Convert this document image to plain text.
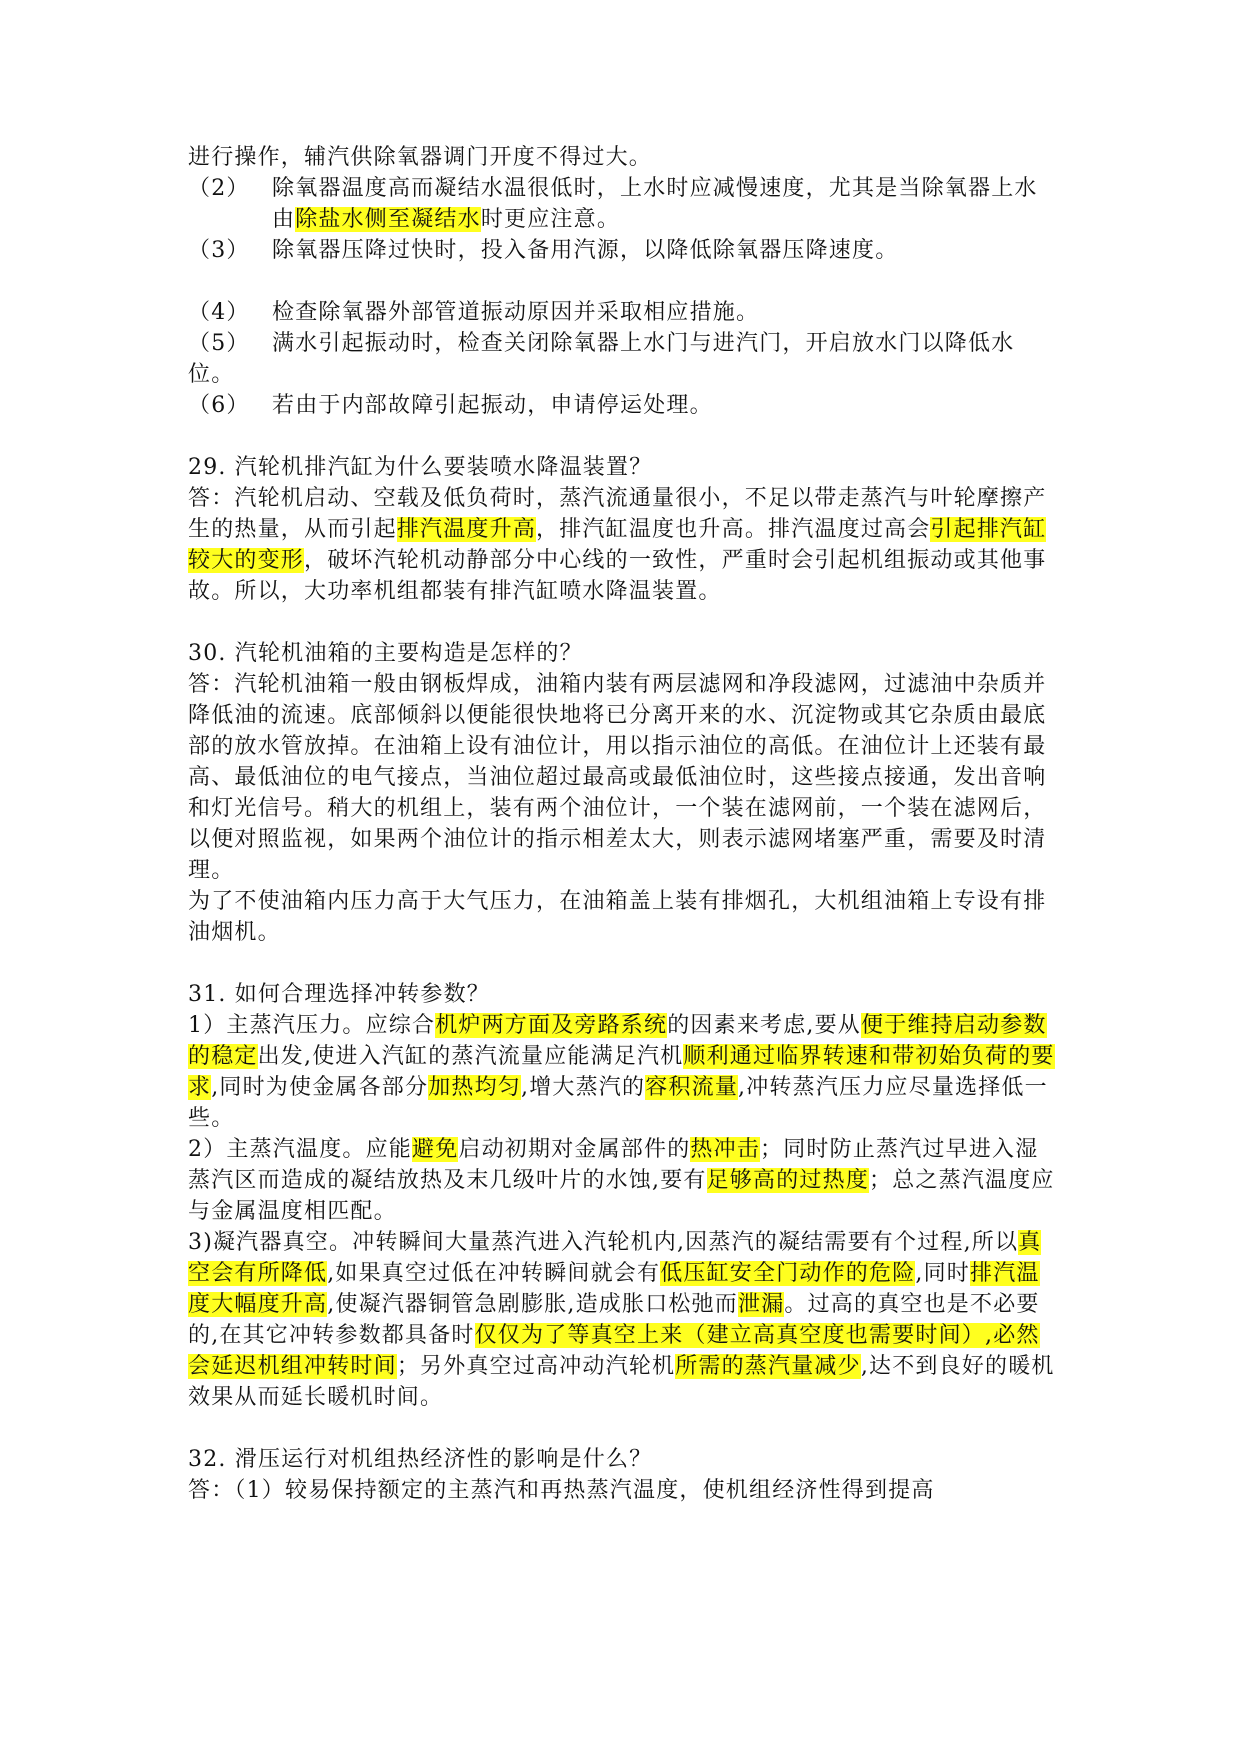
进行操作，辅汽供除氧器调门开度不得过大。

（2）	除氧器温度高而凝结水温很低时，上水时应减慢速度，尤其是当除氧器上水由除盐水侧至凝结水时更应注意。
（3）	除氧器压降过快时，投入备用汽源，以降低除氧器压降速度。
（4）	检查除氧器外部管道振动原因并采取相应措施。

（5） 满水引起振动时，检查关闭除氧器上水门与进汽门，开启放水门以降低水位。

（6）	若由于内部故障引起振动，申请停运处理。

29. 汽轮机排汽缸为什么要装喷水降温装置？

答：汽轮机启动、空载及低负荷时，蒸汽流通量很小，不足以带走蒸汽与叶轮摩擦产生的热量，从而引起排汽温度升高，排汽缸温度也升高。排汽温度过高会引起排汽缸较大的变形，破坏汽轮机动静部分中心线的一致性，严重时会引起机组振动或其他事故。所以，大功率机组都装有排汽缸喷水降温装置。

30. 汽轮机油箱的主要构造是怎样的？

答：汽轮机油箱一般由钢板焊成，油箱内装有两层滤网和净段滤网，过滤油中杂质并降低油的流速。底部倾斜以便能很快地将已分离开来的水、沉淀物或其它杂质由最底部的放水管放掉。在油箱上设有油位计，用以指示油位的高低。在油位计上还装有最高、最低油位的电气接点，当油位超过最高或最低油位时，这些接点接通，发出音响和灯光信号。稍大的机组上，装有两个油位计，一个装在滤网前，一个装在滤网后，以便对照监视，如果两个油位计的指示相差太大，则表示滤网堵塞严重，需要及时清理。

为了不使油箱内压力高于大气压力，在油箱盖上装有排烟孔，大机组油箱上专设有排油烟机。

31. 如何合理选择冲转参数？

1）主蒸汽压力。应综合机炉两方面及旁路系统的因素来考虑,要从便于维持启动参数的稳定出发,使进入汽缸的蒸汽流量应能满足汽机顺利通过临界转速和带初始负荷的要求,同时为使金属各部分加热均匀,增大蒸汽的容积流量,冲转蒸汽压力应尽量选择低一些。

2）主蒸汽温度。应能避免启动初期对金属部件的热冲击；同时防止蒸汽过早进入湿蒸汽区而造成的凝结放热及末几级叶片的水蚀,要有足够高的过热度；总之蒸汽温度应与金属温度相匹配。

3)凝汽器真空。冲转瞬间大量蒸汽进入汽轮机内,因蒸汽的凝结需要有个过程,所以真空会有所降低,如果真空过低在冲转瞬间就会有低压缸安全门动作的危险,同时排汽温度大幅度升高,使凝汽器铜管急剧膨胀,造成胀口松弛而泄漏。过高的真空也是不必要的,在其它冲转参数都具备时仅仅为了等真空上来（建立高真空度也需要时间）,必然会延迟机组冲转时间；另外真空过高冲动汽轮机所需的蒸汽量减少,达不到良好的暖机效果从而延长暖机时间。

32. 滑压运行对机组热经济性的影响是什么？

答：（1）较易保持额定的主蒸汽和再热蒸汽温度，使机组经济性得到提高
